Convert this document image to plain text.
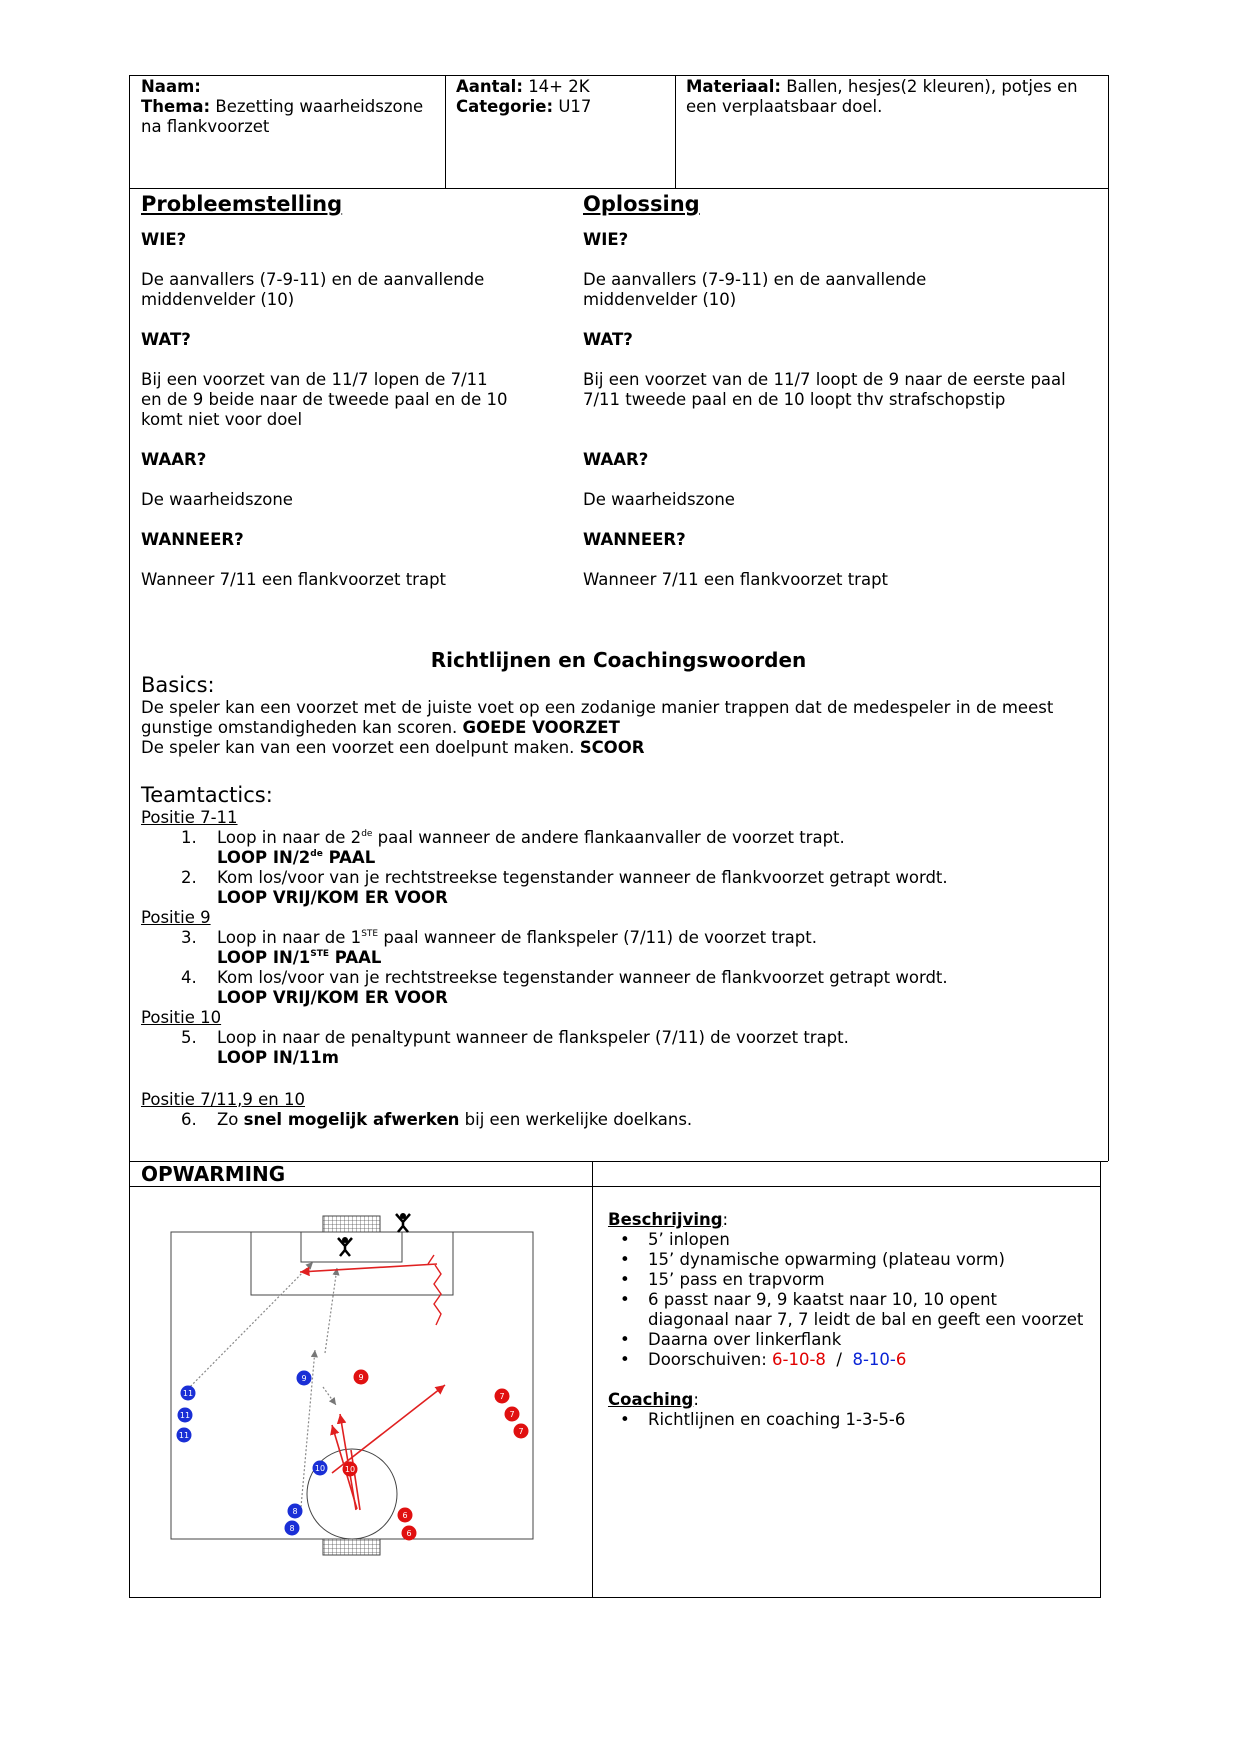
Naam:
Thema: Bezetting waarheidszone
na flankvoorzet
Aantal: 14+ 2K
Categorie: U17
Materiaal: Ballen, hesjes(2 kleuren), potjes en
een verplaatsbaar doel.
Probleemstelling
WIE?
De aanvallers (7-9-11) en de aanvallende
middenvelder (10)
WAT?
Bij een voorzet van de 11/7 lopen de 7/11
en de 9 beide naar de tweede paal en de 10
komt niet voor doel
WAAR?
De waarheidszone
WANNEER?
Wanneer 7/11 een flankvoorzet trapt
Oplossing
WIE?
De aanvallers (7-9-11) en de aanvallende
middenvelder (10)
WAT?
Bij een voorzet van de 11/7 loopt de 9 naar de eerste paal
7/11 tweede paal en de 10 loopt thv strafschopstip
WAAR?
De waarheidszone
WANNEER?
Wanneer 7/11 een flankvoorzet trapt
Richtlijnen en Coachingswoorden
Basics:
De speler kan een voorzet met de juiste voet op een zodanige manier trappen dat de medespeler in de meest
gunstige omstandigheden kan scoren. GOEDE VOORZET
De speler kan van een voorzet een doelpunt maken. SCOOR
Teamtactics:
Positie 7-11
1. Loop in naar de 2de paal wanneer de andere flankaanvaller de voorzet trapt.
LOOP IN/2de PAAL
2. Kom los/voor van je rechtstreekse tegenstander wanneer de flankvoorzet getrapt wordt.
LOOP VRIJ/KOM ER VOOR
Positie 9
3. Loop in naar de 1STE paal wanneer de flankspeler (7/11) de voorzet trapt.
LOOP IN/1STE PAAL
4. Kom los/voor van je rechtstreekse tegenstander wanneer de flankvoorzet getrapt wordt.
LOOP VRIJ/KOM ER VOOR
Positie 10
5. Loop in naar de penaltypunt wanneer de flankspeler (7/11) de voorzet trapt.
LOOP IN/11m
Positie 7/11,9 en 10
6. Zo snel mogelijk afwerken bij een werkelijke doelkans.
OPWARMING
Beschrijving:
• 5’ inlopen
• 15’ dynamische opwarming (plateau vorm)
• 15’ pass en trapvorm
• 6 passt naar 9, 9 kaatst naar 10, 10 opent
diagonaal naar 7, 7 leidt de bal en geeft een voorzet
• Daarna over linkerflank
• Doorschuiven: 6-10-8  /  8-10-6
Coaching:
• Richtlijnen en coaching 1-3-5-6
11
11
11
9
10
8
8
9
10
7
7
7
6
6
